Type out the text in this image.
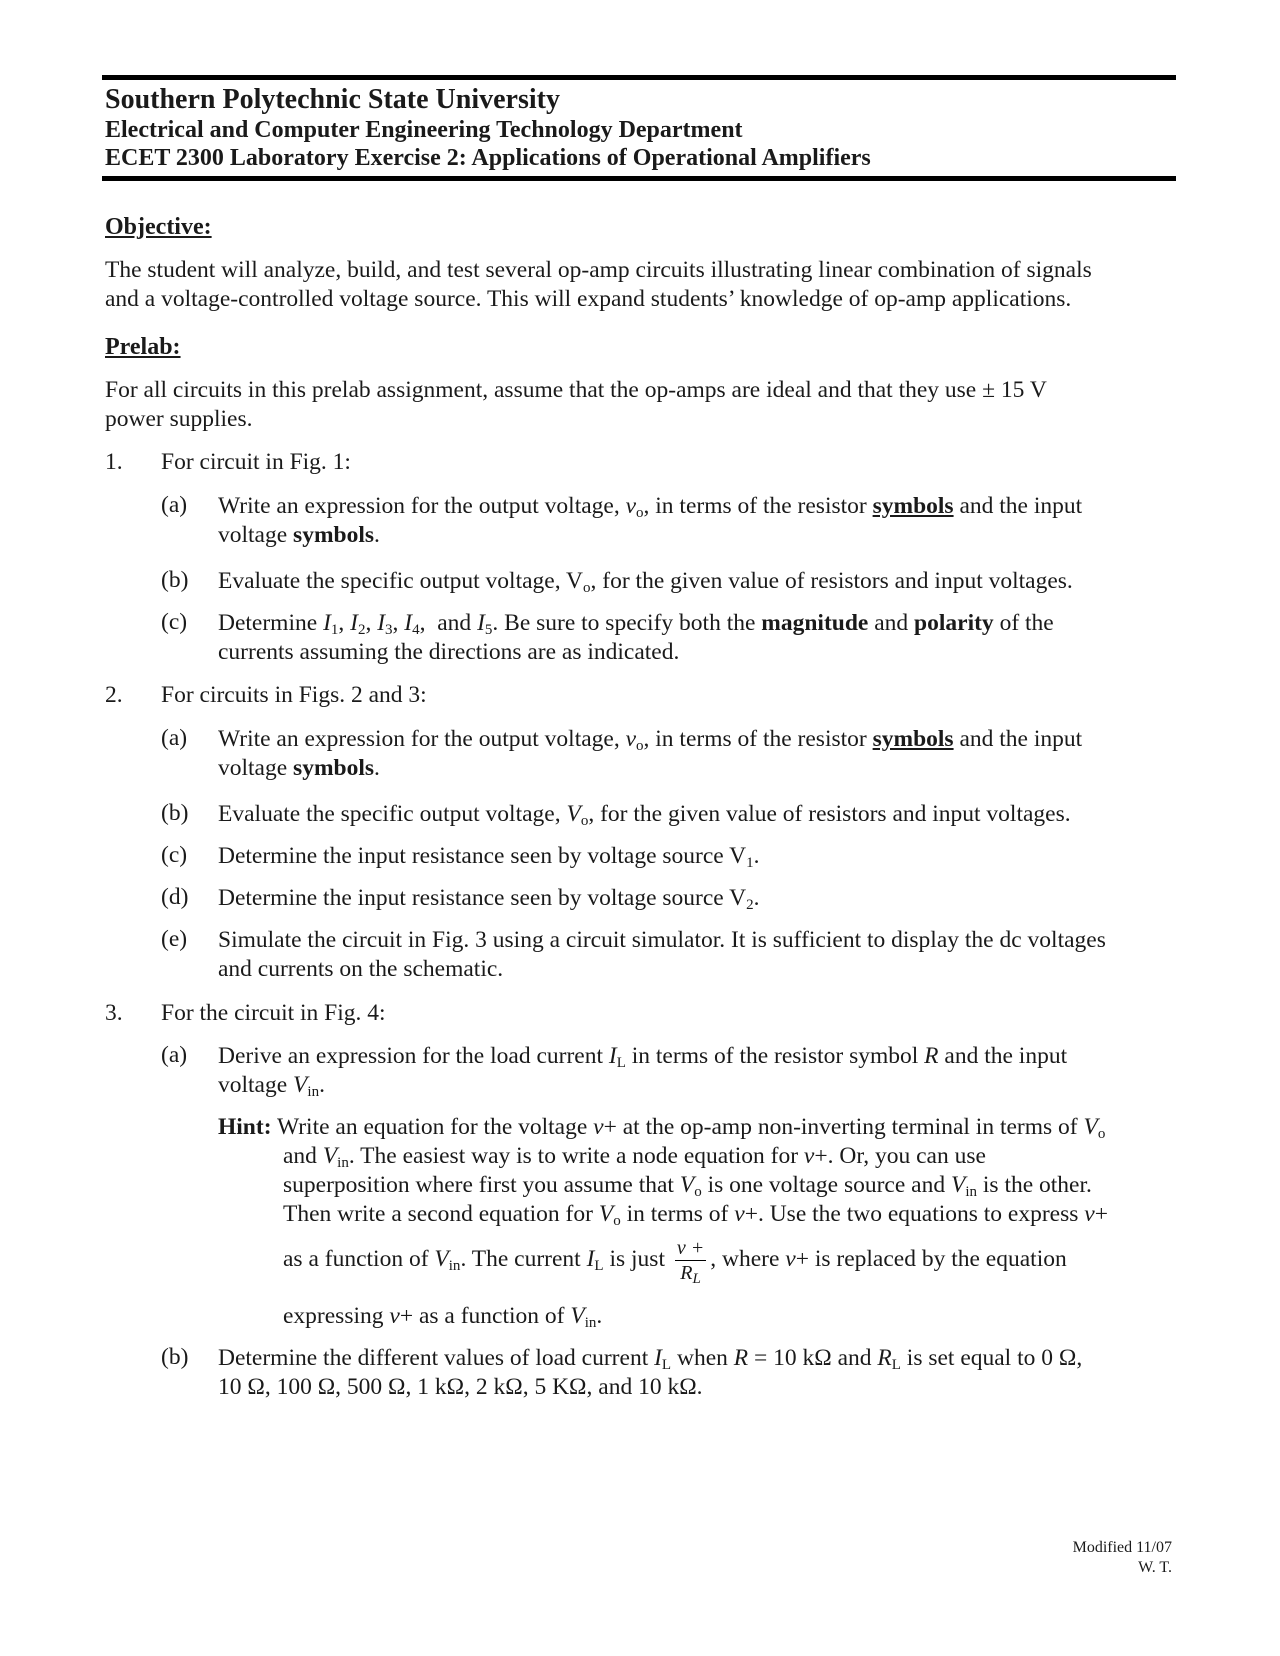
Southern Polytechnic State University
Electrical and Computer Engineering Technology Department
ECET 2300 Laboratory Exercise 2: Applications of Operational Amplifiers
Objective:
The student will analyze, build, and test several op-amp circuits illustrating linear combination of signals
and a voltage-controlled voltage source. This will expand students’ knowledge of op-amp applications.
Prelab:
For all circuits in this prelab assignment, assume that the op-amps are ideal and that they use ± 15 V
power supplies.
1. For circuit in Fig. 1:
(a) Write an expression for the output voltage, $v_o$, in terms of the resistor symbols and the input
voltage symbols.
(b) Evaluate the specific output voltage, $V_o$, for the given value of resistors and input voltages.
(c) Determine $I_1$, $I_2$, $I_3$, $I_4$,  and $I_5$. Be sure to specify both the magnitude and polarity of the
currents assuming the directions are as indicated.
2. For circuits in Figs. 2 and 3:
(a) Write an expression for the output voltage, $v_o$, in terms of the resistor symbols and the input
voltage symbols.
(b) Evaluate the specific output voltage, $V_o$, for the given value of resistors and input voltages.
(c) Determine the input resistance seen by voltage source $V_1$.
(d) Determine the input resistance seen by voltage source $V_2$.
(e) Simulate the circuit in Fig. 3 using a circuit simulator. It is sufficient to display the dc voltages
and currents on the schematic.
3. For the circuit in Fig. 4:
(a) Derive an expression for the load current $I_L$ in terms of the resistor symbol R and the input
voltage $V_{in}$.
Hint: Write an equation for the voltage v+ at the op-amp non-inverting terminal in terms of $V_o$
and $V_{in}$. The easiest way is to write a node equation for v+. Or, you can use
superposition where first you assume that $V_o$ is one voltage source and $V_{in}$ is the other.
Then write a second equation for $V_o$ in terms of v+. Use the two equations to express v+
as a function of $V_{in}$. The current $I_L$ is just $\frac{v +}{R_L}$ , where v+ is replaced by the equation
expressing v+ as a function of $V_{in}$.
(b) Determine the different values of load current $I_L$ when R = 10 kΩ and $R_L$ is set equal to 0 Ω,
10 Ω, 100 Ω, 500 Ω, 1 kΩ, 2 kΩ, 5 KΩ, and 10 kΩ.
Modified 11/07
W. T.
